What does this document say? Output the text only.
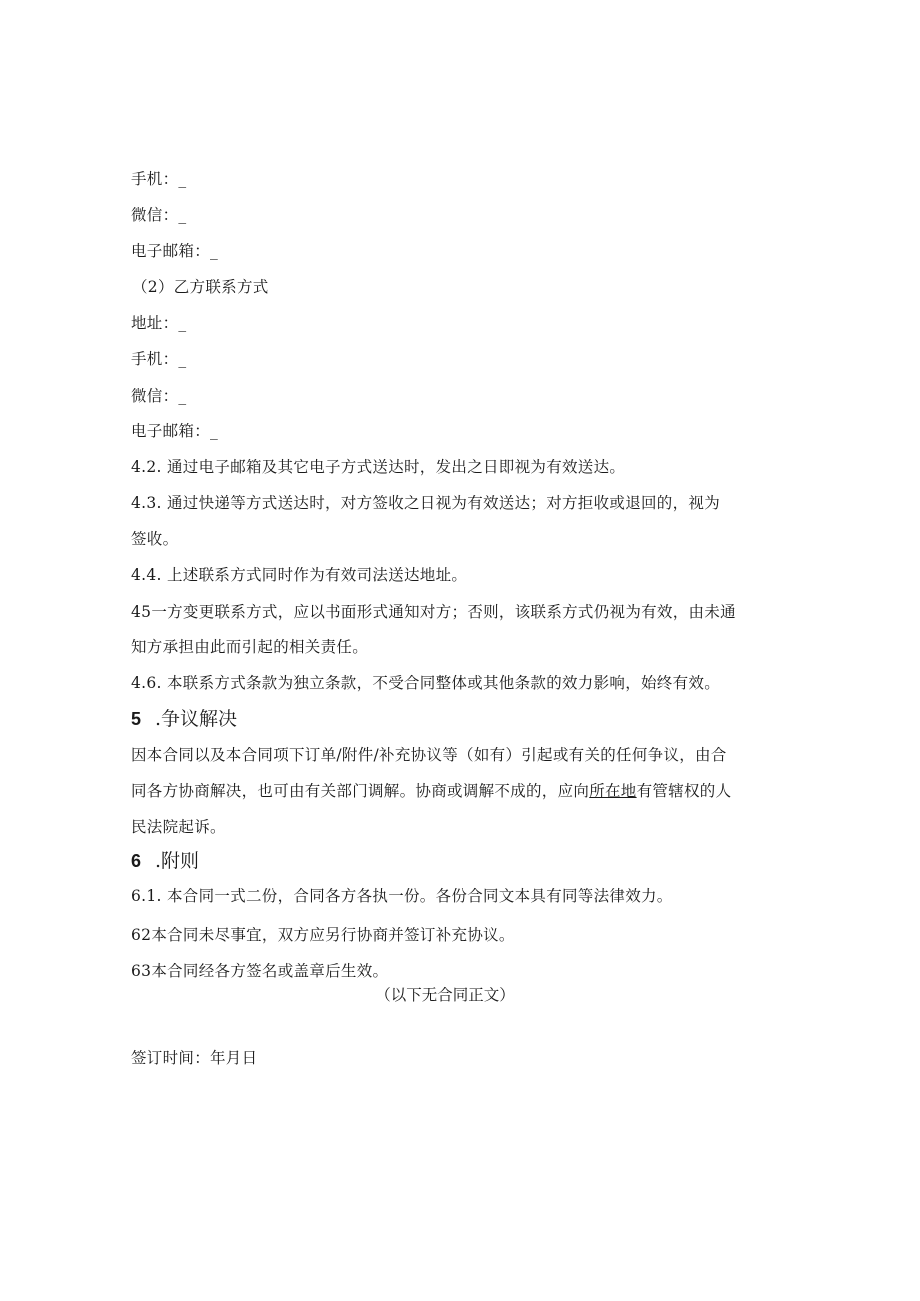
手机：_
微信：_
电子邮箱：_
（2）乙方联系方式
地址：_
手机：_
微信：_
电子邮箱：_
4.2. 通过电子邮箱及其它电子方式送达时，发出之日即视为有效送达。
4.3. 通过快递等方式送达时，对方签收之日视为有效送达；对方拒收或退回的，视为
签收。
4.4. 上述联系方式同时作为有效司法送达地址。
45一方变更联系方式，应以书面形式通知对方；否则，该联系方式仍视为有效，由未通
知方承担由此而引起的相关责任。
4.6. 本联系方式条款为独立条款，不受合同整体或其他条款的效力影响，始终有效。
5 .争议解决
因本合同以及本合同项下订单/附件/补充协议等（如有）引起或有关的任何争议，由合
同各方协商解决，也可由有关部门调解。协商或调解不成的，应向所在地有管辖权的人
民法院起诉。
6 .附则
6.1. 本合同一式二份，合同各方各执一份。各份合同文本具有同等法律效力。
62本合同未尽事宜，双方应另行协商并签订补充协议。
63本合同经各方签名或盖章后生效。
（以下无合同正文）
签订时间：年月日
